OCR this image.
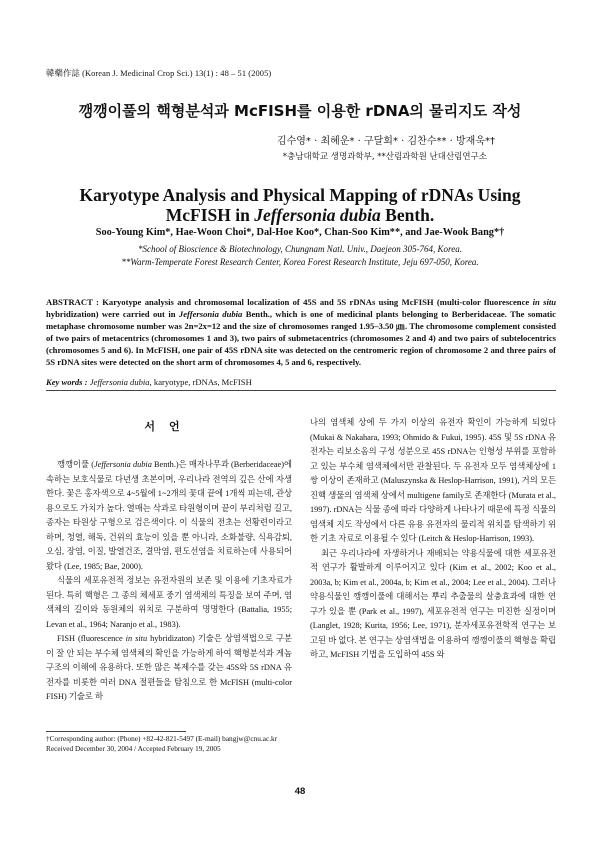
韓藥作誌 (Korean J. Medicinal Crop Sci.) 13(1) : 48 – 51 (2005)
깽깽이풀의 핵형분석과 McFISH를 이용한 rDNA의 물리지도 작성
김수영* · 최혜운* · 구달회* · 김찬수** · 방재욱*†
*충남대학교 생명과학부, **산림과학원 난대산림연구소
Karyotype Analysis and Physical Mapping of rDNAs Using
McFISH in Jeffersonia dubia Benth.
Soo-Young Kim*, Hae-Woon Choi*, Dal-Hoe Koo*, Chan-Soo Kim**, and Jae-Wook Bang*†
*School of Bioscience & Biotechnology, Chungnam Natl. Univ., Daejeon 305-764, Korea.
**Warm-Temperate Forest Research Center, Korea Forest Research Institute, Jeju 697-050, Korea.
ABSTRACT : Karyotype analysis and chromosomal localization of 45S and 5S rDNAs using McFISH (multi-color fluorescence in situ hybridization) were carried out in Jeffersonia dubia Benth., which is one of medicinal plants belonging to Berberidaceae. The somatic metaphase chromosome number was 2n=2x=12 and the size of chromosomes ranged 1.95–3.50 ㎛. The chromosome complement consisted of two pairs of metacentrics (chromosomes 1 and 3), two pairs of submetacentrics (chromosomes 2 and 4) and two pairs of subtelocentrics (chromosomes 5 and 6). In McFISH, one pair of 45S rDNA site was detected on the centromeric region of chromosome 2 and three pairs of 5S rDNA sites were detected on the short arm of chromosomes 4, 5 and 6, respectively.
Key words : Jeffersonia dubia, karyotype, rDNAs, McFISH
서언

깽깽이풀 (Jeffersonia dubia Benth.)은 매자나무과 (Berberidaceae)에 속하는 보호식물로 다년생 초본이며, 우리나라 전역의 깊은 산에 자생한다. 꽃은 홍자색으로 4~5월에 1~2개의 꽃대 끝에 1개씩 피는데, 관상용으로도 가치가 높다. 열매는 삭과로 타원형이며 끝이 부리처럼 길고, 종자는 타원상 구형으로 검은색이다. 이 식물의 전초는 선황련이라고 하며, 청열, 해독, 건위의 효능이 있을 뿐 아니라, 소화불량, 식욕감퇴, 오심, 장염, 이질, 발열건조, 결막염, 편도선염을 치료하는데 사용되어 왔다 (Lee, 1985; Bae, 2000).

식물의 세포유전적 정보는 유전자원의 보존 및 이용에 기초자료가 된다. 특히 핵형은 그 종의 체세포 중기 염색체의 특징을 보여 주며, 염색체의 길이와 동원체의 위치로 구분하여 명명한다 (Battalia, 1955; Levan et al., 1964; Naranjo et al., 1983).

FISH (fluorescence in situ hybridizaton) 기술은 상염색법으로 구분이 잘 안 되는 부수체 염색체의 확인을 가능하게 하여 핵형분석과 게놈 구조의 이해에 유용하다. 또한 많은 복제수를 갖는 45S와 5S rDNA 유전자를 비롯한 여러 DNA 절편들을 탐침으로 한 McFISH (multi-color FISH) 기술로 하

나의 염색체 상에 두 가지 이상의 유전자 확인이 가능하게 되었다 (Mukai & Nakahara, 1993; Ohmido & Fukui, 1995). 45S 및 5S rDNA 유전자는 리보소옴의 구성 성분으로 45S rDNA는 인형성 부위를 포함하고 있는 부수체 염색체에서만 관찰된다. 두 유전자 모두 염색체상에 1쌍 이상이 존재하고 (Maluszynska & Heslop-Harrison, 1991), 거의 모든 진핵 생물의 염색체 상에서 multigene family로 존재한다 (Murata et al., 1997). rDNA는 식물 종에 따라 다양하게 나타나기 때문에 특정 식물의 염색체 지도 작성에서 다른 유용 유전자의 물리적 위치를 탐색하기 위한 기초 자료로 이용될 수 있다 (Leitch & Heslop-Harrison, 1993).

최근 우리나라에 자생하거나 재배되는 약용식물에 대한 세포유전적 연구가 활발하게 이루어지고 있다 (Kim et al., 2002; Koo et al., 2003a, b; Kim et al., 2004a, b; Kim et al., 2004; Lee et al., 2004). 그러나 약용식물인 깽깽이풀에 대해서는 뿌리 추출물의 살충효과에 대한 연구가 있을 뿐 (Park et al., 1997), 세포유전적 연구는 미진한 실정이며 (Langlet, 1928; Kurita, 1956; Lee, 1971), 분자세포유전학적 연구는 보고된 바 없다. 본 연구는 상염색법을 이용하여 깽깽이풀의 핵형을 확립하고, McFISH 기법을 도입하여 45S 와

†Corresponding author: (Phone) +82-42-821-5497 (E-mail) bangjw@cnu.ac.kr
Received December 30, 2004 / Accepted February 19, 2005
48
